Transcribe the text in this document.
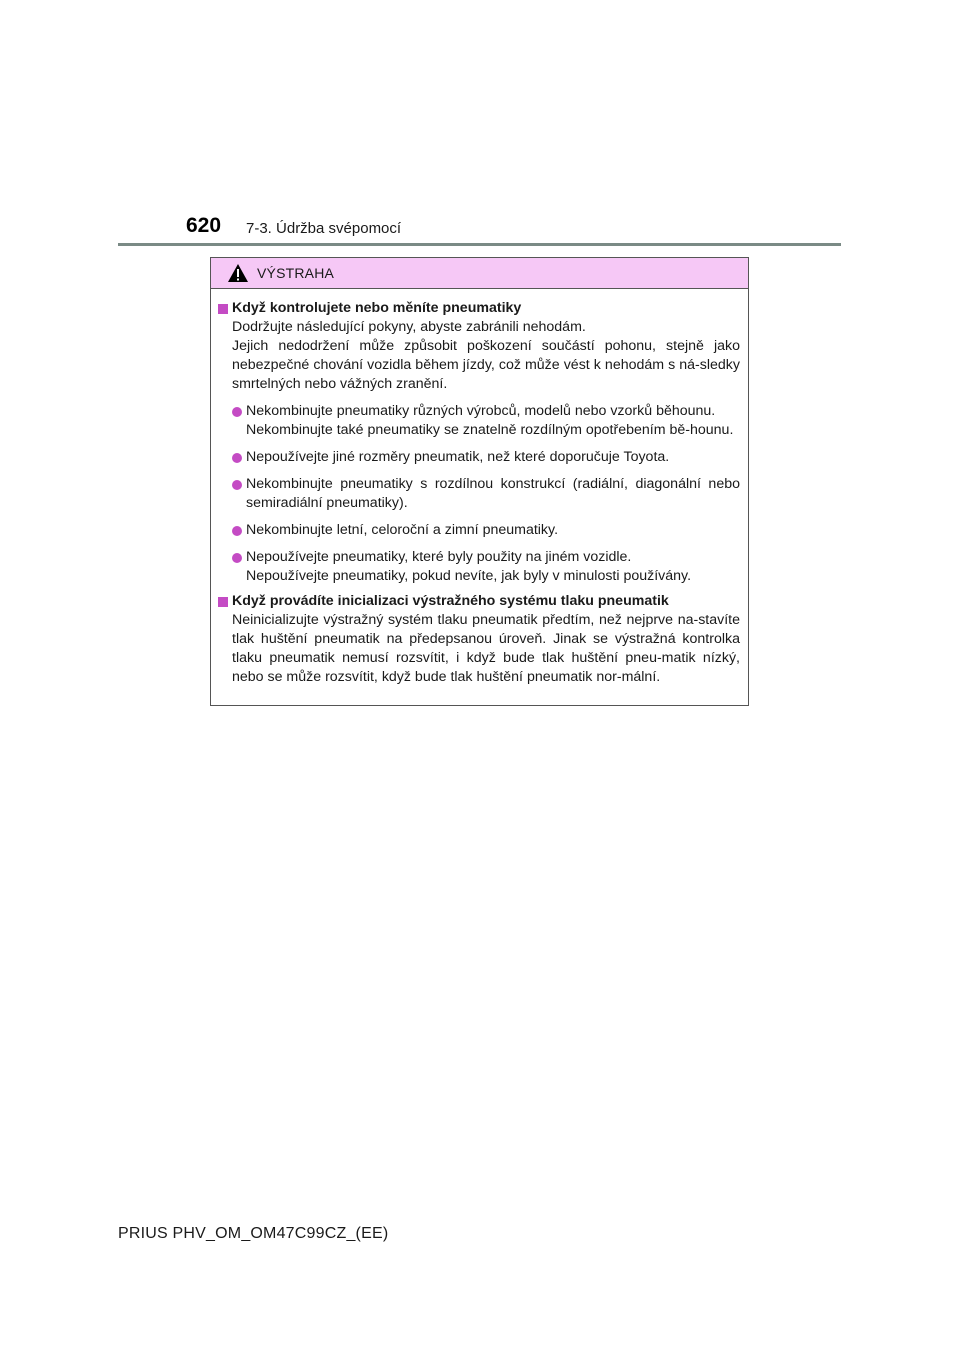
620 7-3. Údržba svépomocí
VÝSTRAHA
Když kontrolujete nebo měníte pneumatiky
Dodržujte následující pokyny, abyste zabránili nehodám.
Jejich nedodržení může způsobit poškození součástí pohonu, stejně jako nebezpečné chování vozidla během jízdy, což může vést k nehodám s ná-sledky smrtelných nebo vážných zranění.
Nekombinujte pneumatiky různých výrobců, modelů nebo vzorků běhounu.
Nekombinujte také pneumatiky se znatelně rozdílným opotřebením bě-hounu.
Nepoužívejte jiné rozměry pneumatik, než které doporučuje Toyota.
Nekombinujte pneumatiky s rozdílnou konstrukcí (radiální, diagonální nebo semiradiální pneumatiky).
Nekombinujte letní, celoroční a zimní pneumatiky.
Nepoužívejte pneumatiky, které byly použity na jiném vozidle.
Nepoužívejte pneumatiky, pokud nevíte, jak byly v minulosti používány.
Když provádíte inicializaci výstražného systému tlaku pneumatik
Neinicializujte výstražný systém tlaku pneumatik předtím, než nejprve na-stavíte tlak huštění pneumatik na předepsanou úroveň. Jinak se výstražná kontrolka tlaku pneumatik nemusí rozsvítit, i když bude tlak huštění pneu-matik nízký, nebo se může rozsvítit, když bude tlak huštění pneumatik nor-mální.
PRIUS PHV_OM_OM47C99CZ_(EE)
